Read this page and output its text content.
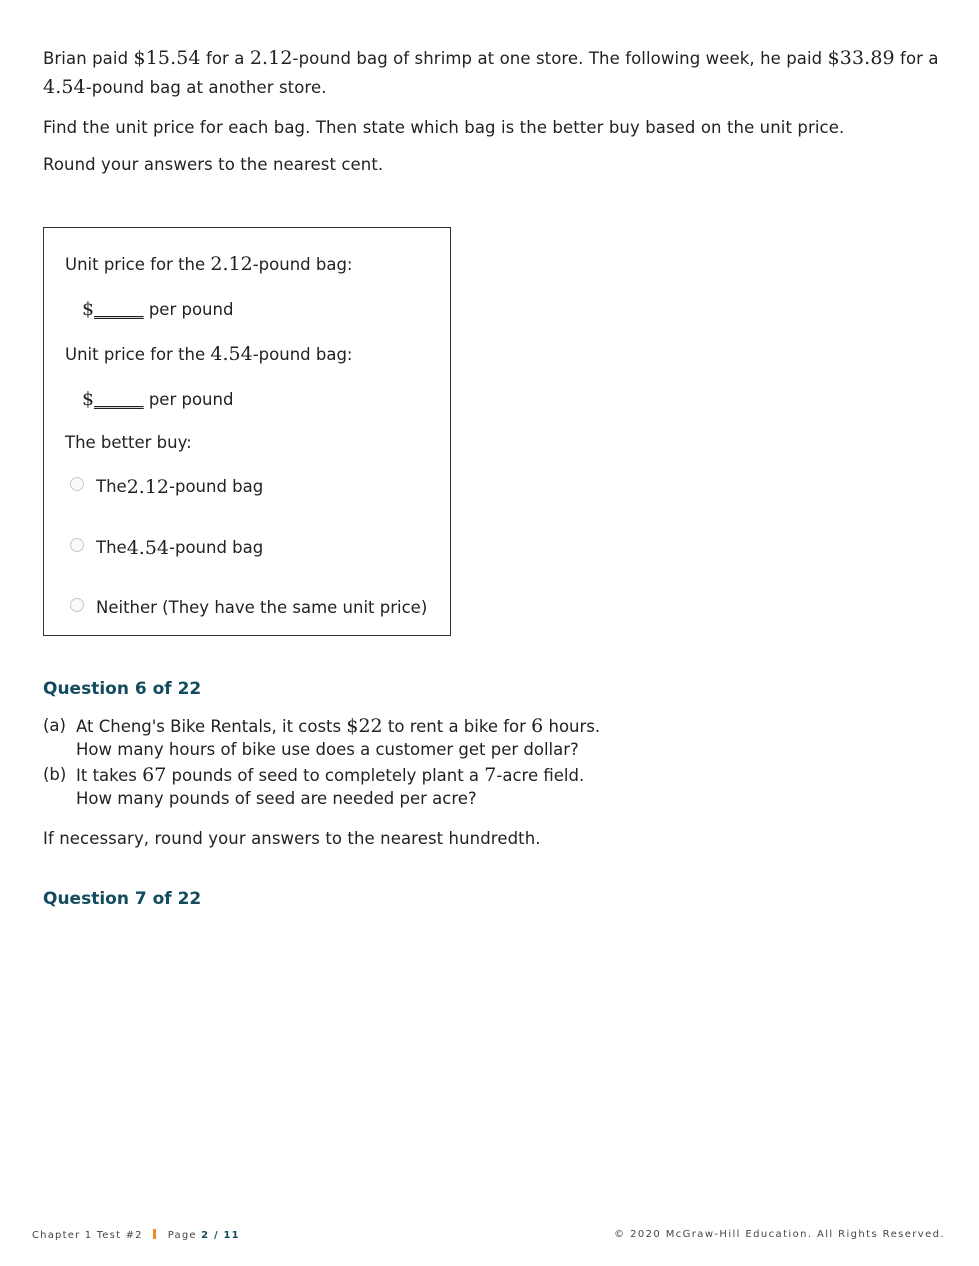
Brian paid $15.54 for a 2.12-pound bag of shrimp at one store. The following week, he paid $33.89 for a 4.54-pound bag at another store.

Find the unit price for each bag. Then state which bag is the better buy based on the unit price.

Round your answers to the nearest cent.

Unit price for the 2.12-pound bag:
$______ per pound
Unit price for the 4.54-pound bag:
$______ per pound
The better buy:
The 2.12 -pound bag
The 4.54 -pound bag
Neither (They have the same unit price)
Question 6 of 22
(a) At Cheng's Bike Rentals, it costs $22 to rent a bike for 6 hours.
How many hours of bike use does a customer get per dollar?
(b) It takes 67 pounds of seed to completely plant a 7-acre field.
How many pounds of seed are needed per acre?

If necessary, round your answers to the nearest hundredth.

Question 7 of 22
Chapter 1 Test #2	Page 2 / 11	© 2020 McGraw-Hill Education. All Rights Reserved.
